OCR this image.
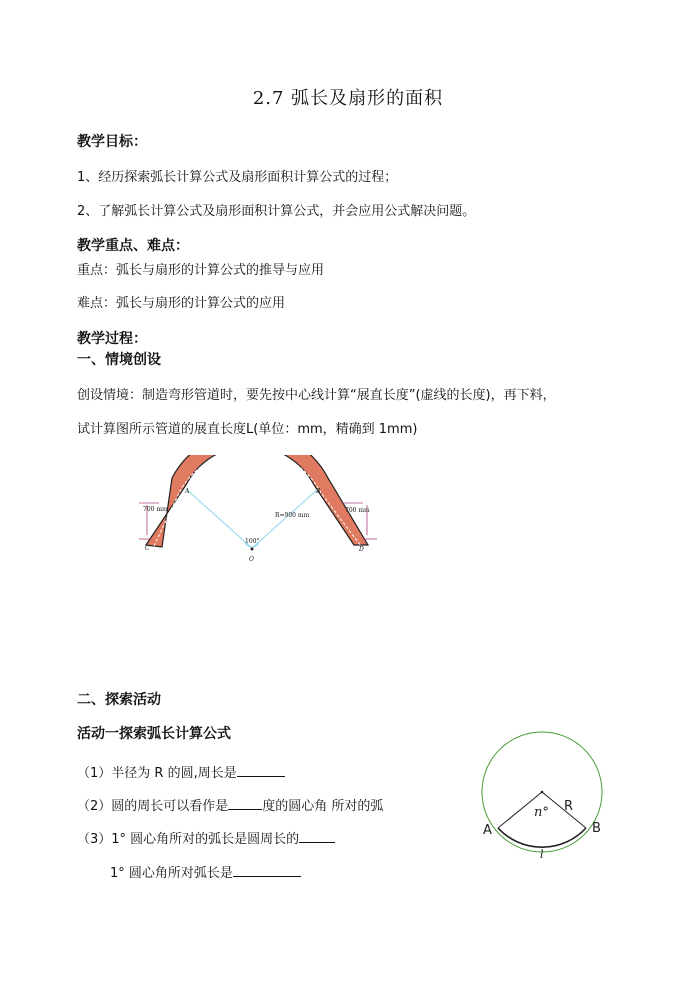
2.7 弧长及扇形的面积
教学目标：
1、经历探索弧长计算公式及扇形面积计算公式的过程；
2、了解弧长计算公式及扇形面积计算公式，并会应用公式解决问题。
教学重点、难点：
重点：弧长与扇形的计算公式的推导与应用
难点：弧长与扇形的计算公式的应用
教学过程：
一、情境创设
创设情境：制造弯形管道时，要先按中心线计算“展直长度”(虚线的长度)，再下料，
试计算图所示管道的展直长度L(单位：mm，精确到 1mm)
700 mm	700 mm
R=900 mm
100°
A	B
C	D
O
二、探索活动
活动一探索弧长计算公式
（1）半径为 R 的圆,周长是
（2）圆的周长可以看作是	度的圆心角 所对的弧
（3）1° 圆心角所对的弧长是圆周长的
1° 圆心角所对弧长是
A	B
R
n°
l
